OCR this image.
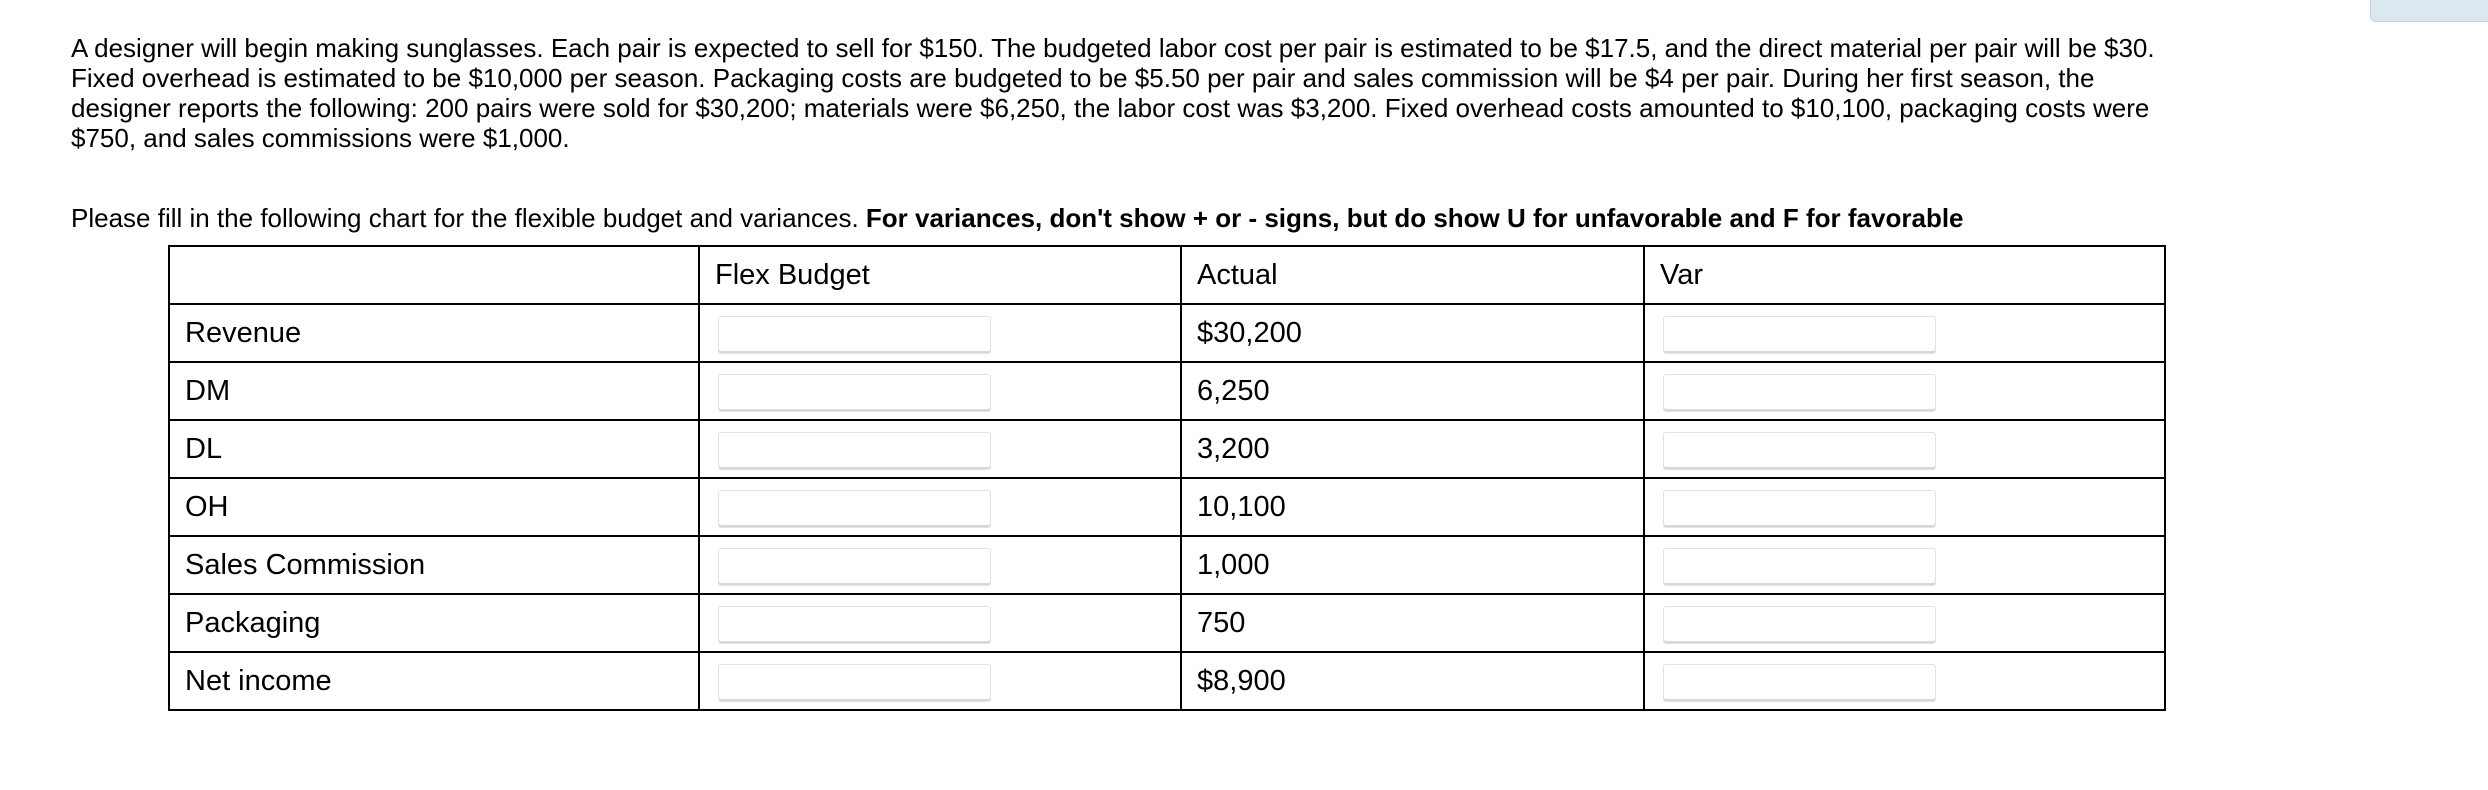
A designer will begin making sunglasses. Each pair is expected to sell for $150. The budgeted labor cost per pair is estimated to be $17.5, and the direct material per pair will be $30. Fixed overhead is estimated to be $10,000 per season. Packaging costs are budgeted to be $5.50 per pair and sales commission will be $4 per pair. During her first season, the designer reports the following: 200 pairs were sold for $30,200; materials were $6,250, the labor cost was $3,200. Fixed overhead costs amounted to $10,100, packaging costs were $750, and sales commissions were $1,000.

Please fill in the following chart for the flexible budget and variances. For variances, don't show + or - signs, but do show U for unfavorable and F for favorable

	Flex Budget	Actual	Var
Revenue		$30,200	

DM		6,250	

DL		3,200	

OH		10,100	

Sales Commission		1,000	

Packaging		750	

Net income		$8,900	
